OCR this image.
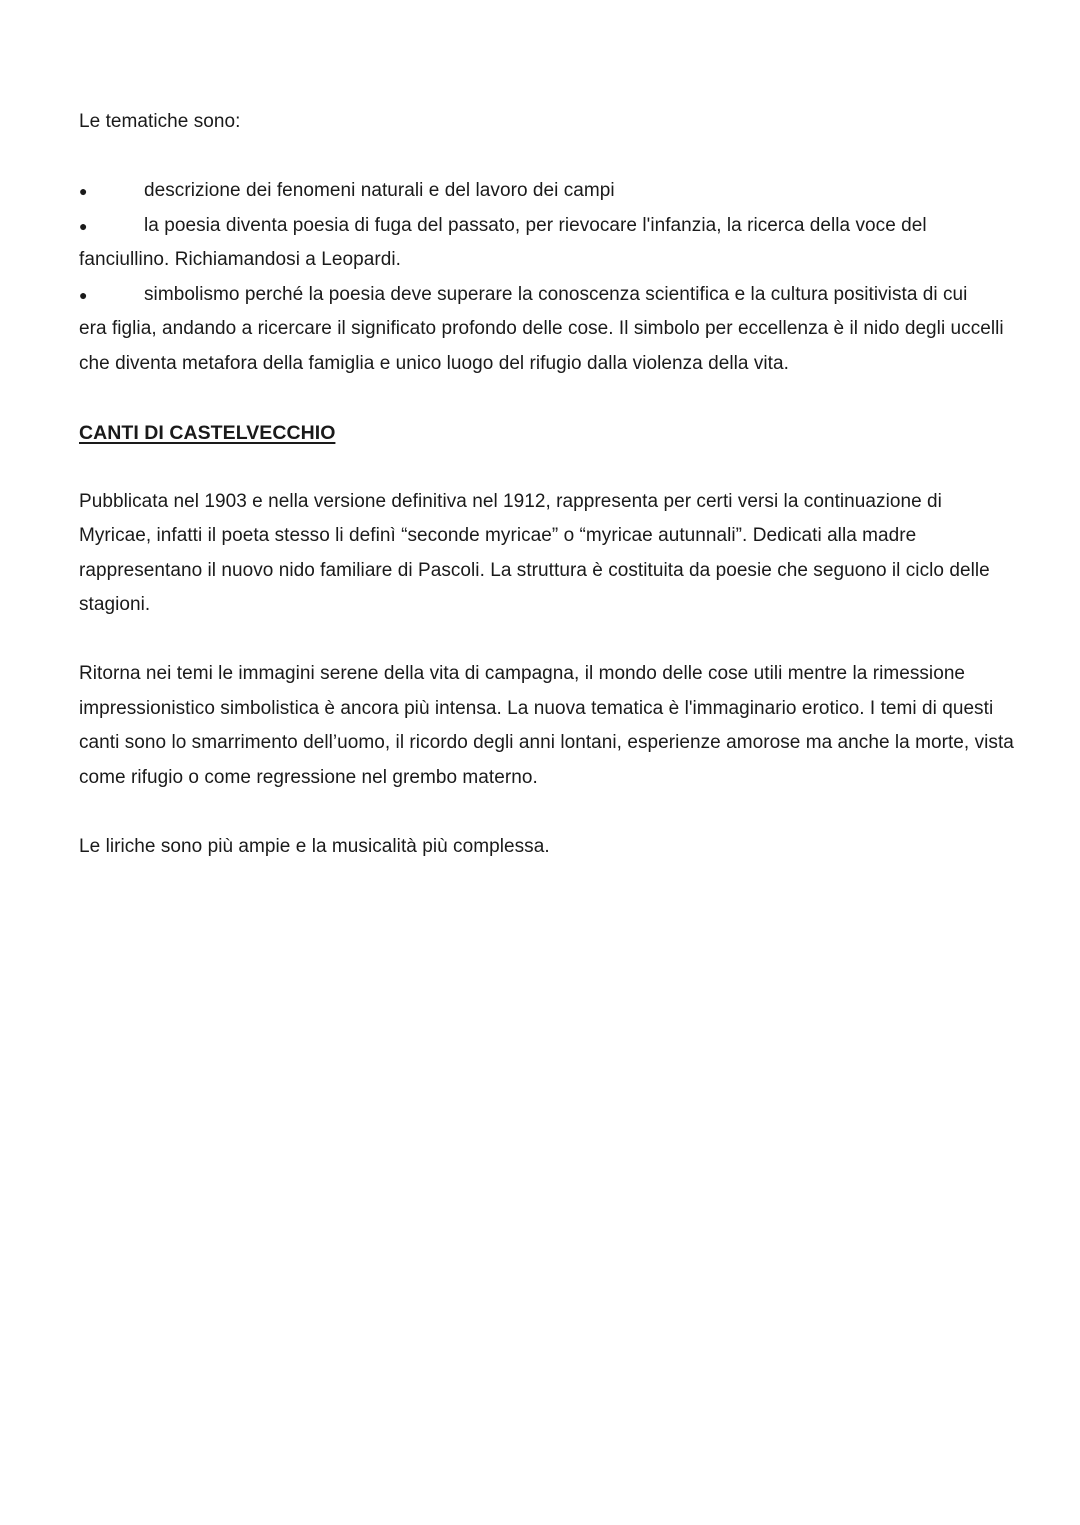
Le tematiche sono:

●	descrizione dei fenomeni naturali e del lavoro dei campi
●	la poesia diventa poesia di fuga del passato, per rievocare l'infanzia, la ricerca della voce del

fanciullino. Richiamandosi a Leopardi.

●	simbolismo perché la poesia deve superare la conoscenza scientifica e la cultura positivista di cui

era figlia, andando a ricercare il significato profondo delle cose. Il simbolo per eccellenza è il nido degli uccelli che diventa metafora della famiglia e unico luogo del rifugio dalla violenza della vita.

CANTI DI CASTELVECCHIO

Pubblicata nel 1903 e nella versione definitiva nel 1912, rappresenta per certi versi la continuazione di Myricae, infatti il poeta stesso li definì “seconde myricae” o “myricae autunnali”. Dedicati alla madre rappresentano il nuovo nido familiare di Pascoli. La struttura è costituita da poesie che seguono il ciclo delle stagioni.

Ritorna nei temi le immagini serene della vita di campagna, il mondo delle cose utili mentre la rimessione impressionistico simbolistica è ancora più intensa. La nuova tematica è l'immaginario erotico. I temi di questi canti sono lo smarrimento dell’uomo, il ricordo degli anni lontani, esperienze amorose ma anche la morte, vista come rifugio o come regressione nel grembo materno.

Le liriche sono più ampie e la musicalità più complessa.
